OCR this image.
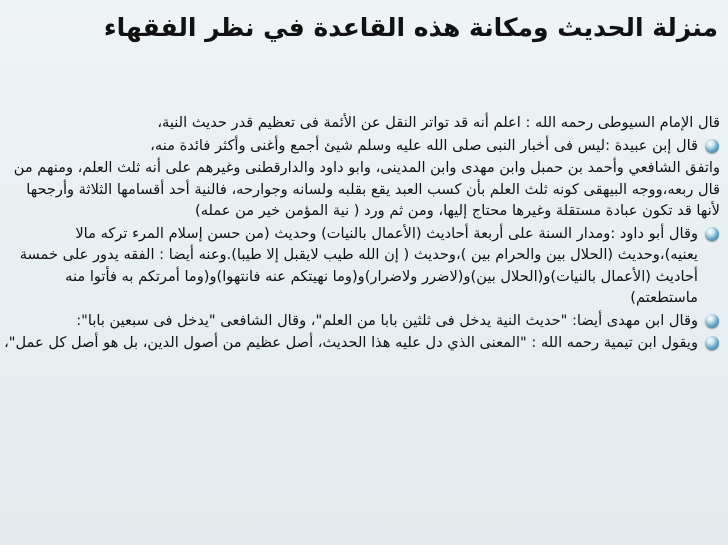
منزلة الحديث ومكانة هذه القاعدة في نظر الفقهاء

قال الإمام السيوطى رحمه الله : اعلم أنه قد تواتر النقل عن الأئمة فى تعظيم قدر حديث النية،

قال إبن عبيدة :ليس فى أخبار النبى صلى الله عليه وسلم شيئ أجمع وأغنى وأكثر فائدة منه،

واتفق الشافعي وأحمد بن حمبل وابن مهدى وابن المدينى، وابو داود والدارقطنى وغيرهم على أنه ثلث العلم، ومنهم من قال ربعه،ووجه البيهقى كونه ثلث العلم بأن كسب العبد يقع بقلبه ولسانه وجوارحه، فالنية أحد أقسامها الثلاثة وأرجحها لأنها قد تكون عبادة مستقلة وغيرها محتاج إليها، ومن ثم ورد ( نية المؤمن خير من عمله)

وقال أبو داود :ومدار السنة على أربعة أحاديث (الأعمال بالنيات) وحديث (من حسن إسلام المرء تركه مالا يعنيه)،وحديث (الحلال بين والحرام بين )،وحديث ( إن الله طيب لايقبل إلا طيبا).وعنه أيضا : الفقه يدور على خمسة أحاديث (الأعمال بالنيات)و(الحلال بين)و(لاضرر ولاضرار)و(وما نهيتكم عنه فانتهوا)و(وما أمرتكم به فأتوا منه ماستطعتم)

وقال ابن مهدى أيضا: "حديث النية يدخل فى ثلثين بابا من العلم"، وقال الشافعى "يدخل فى سبعين بابا":

ويقول ابن تيمية رحمه الله : "المعنى الذي دل عليه هذا الحديث، أصل عظيم من أصول الدين، بل هو أصل كل عمل"،
